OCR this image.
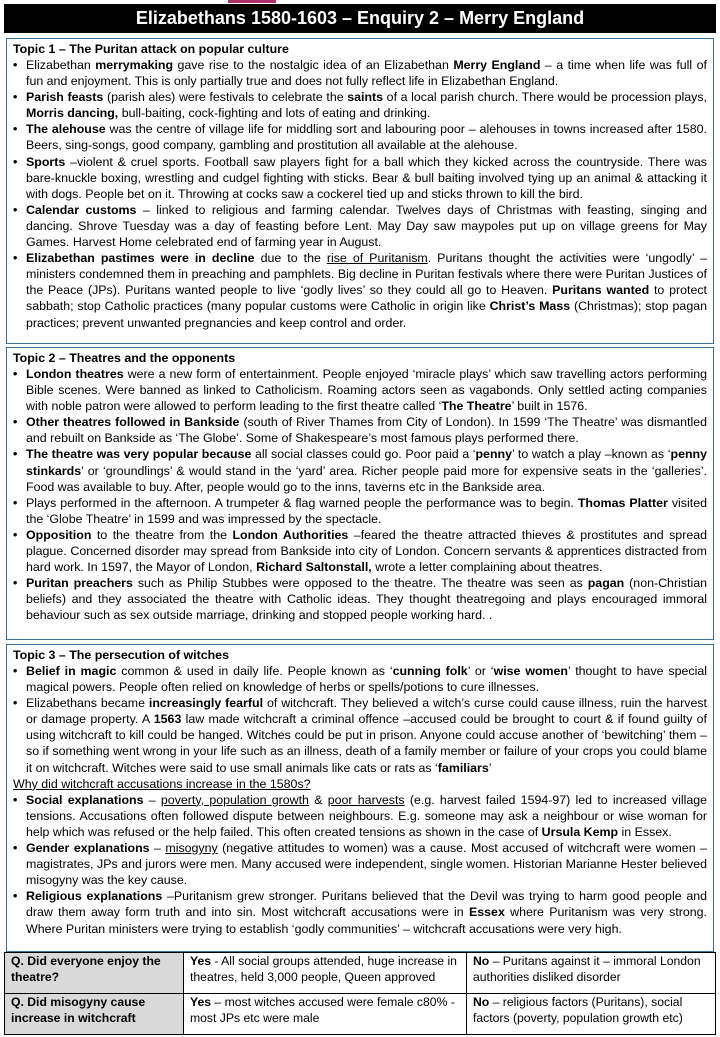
Elizabethans 1580-1603 – Enquiry 2 – Merry England
Topic 1 – The Puritan attack on popular culture
• Elizabethan merrymaking gave rise to the nostalgic idea of an Elizabethan Merry England – a time when life was full of fun and enjoyment. This is only partially true and does not fully reflect life in Elizabethan England.
• Parish feasts (parish ales) were festivals to celebrate the saints of a local parish church. There would be procession plays, Morris dancing, bull-baiting, cock-fighting and lots of eating and drinking.
• The alehouse was the centre of village life for middling sort and labouring poor – alehouses in towns increased after 1580. Beers, sing-songs, good company, gambling and prostitution all available at the alehouse.
• Sports –violent & cruel sports. Football saw players fight for a ball which they kicked across the countryside. There was bare-knuckle boxing, wrestling and cudgel fighting with sticks. Bear & bull baiting involved tying up an animal & attacking it with dogs. People bet on it. Throwing at cocks saw a cockerel tied up and sticks thrown to kill the bird.
• Calendar customs – linked to religious and farming calendar. Twelves days of Christmas with feasting, singing and dancing. Shrove Tuesday was a day of feasting before Lent. May Day saw maypoles put up on village greens for May Games. Harvest Home celebrated end of farming year in August.
• Elizabethan pastimes were in decline due to the rise of Puritanism. Puritans thought the activities were ‘ungodly’ – ministers condemned them in preaching and pamphlets. Big decline in Puritan festivals where there were Puritan Justices of the Peace (JPs). Puritans wanted people to live ‘godly lives’ so they could all go to Heaven. Puritans wanted to protect sabbath; stop Catholic practices (many popular customs were Catholic in origin like Christ’s Mass (Christmas); stop pagan practices; prevent unwanted pregnancies and keep control and order.
Topic 2 – Theatres and the opponents
• London theatres were a new form of entertainment. People enjoyed ‘miracle plays’ which saw travelling actors performing Bible scenes. Were banned as linked to Catholicism. Roaming actors seen as vagabonds. Only settled acting companies with noble patron were allowed to perform leading to the first theatre called ‘The Theatre’ built in 1576.
• Other theatres followed in Bankside (south of River Thames from City of London). In 1599 ‘The Theatre’ was dismantled and rebuilt on Bankside as ‘The Globe’. Some of Shakespeare’s most famous plays performed there.
• The theatre was very popular because all social classes could go. Poor paid a ‘penny’ to watch a play –known as ‘penny stinkards’ or ‘groundlings’ & would stand in the ‘yard’ area. Richer people paid more for expensive seats in the ‘galleries’. Food was available to buy. After, people would go to the inns, taverns etc in the Bankside area.
• Plays performed in the afternoon. A trumpeter & flag warned people the performance was to begin. Thomas Platter visited the ‘Globe Theatre’ in 1599 and was impressed by the spectacle.
• Opposition to the theatre from the London Authorities –feared the theatre attracted thieves & prostitutes and spread plague. Concerned disorder may spread from Bankside into city of London. Concern servants & apprentices distracted from hard work. In 1597, the Mayor of London, Richard Saltonstall, wrote a letter complaining about theatres.
• Puritan preachers such as Philip Stubbes were opposed to the theatre. The theatre was seen as pagan (non-Christian beliefs) and they associated the theatre with Catholic ideas. They thought theatregoing and plays encouraged immoral behaviour such as sex outside marriage, drinking and stopped people working hard. .
Topic 3 – The persecution of witches
• Belief in magic common & used in daily life. People known as ‘cunning folk’ or ‘wise women’ thought to have special magical powers. People often relied on knowledge of herbs or spells/potions to cure illnesses.
• Elizabethans became increasingly fearful of witchcraft. They believed a witch’s curse could cause illness, ruin the harvest or damage property. A 1563 law made witchcraft a criminal offence –accused could be brought to court & if found guilty of using witchcraft to kill could be hanged. Witches could be put in prison. Anyone could accuse another of ‘bewitching’ them – so if something went wrong in your life such as an illness, death of a family member or failure of your crops you could blame it on witchcraft. Witches were said to use small animals like cats or rats as ‘familiars’
Why did witchcraft accusations increase in the 1580s?
• Social explanations – poverty, population growth & poor harvests (e.g. harvest failed 1594-97) led to increased village tensions. Accusations often followed dispute between neighbours. E.g. someone may ask a neighbour or wise woman for help which was refused or the help failed. This often created tensions as shown in the case of Ursula Kemp in Essex.
• Gender explanations – misogyny (negative attitudes to women) was a cause. Most accused of witchcraft were women – magistrates, JPs and jurors were men. Many accused were independent, single women. Historian Marianne Hester believed misogyny was the key cause.
• Religious explanations –Puritanism grew stronger. Puritans believed that the Devil was trying to harm good people and draw them away form truth and into sin. Most witchcraft accusations were in Essex where Puritanism was very strong. Where Puritan ministers were trying to establish ‘godly communities’ – witchcraft accusations were very high.
Q. Did everyone enjoy the theatre?	Yes - All social groups attended, huge increase in theatres, held 3,000 people, Queen approved	No – Puritans against it – immoral London authorities disliked disorder
Q. Did misogyny cause increase in witchcraft	Yes – most witches accused were female c80% - most JPs etc were male	No – religious factors (Puritans), social factors (poverty, population growth etc)
